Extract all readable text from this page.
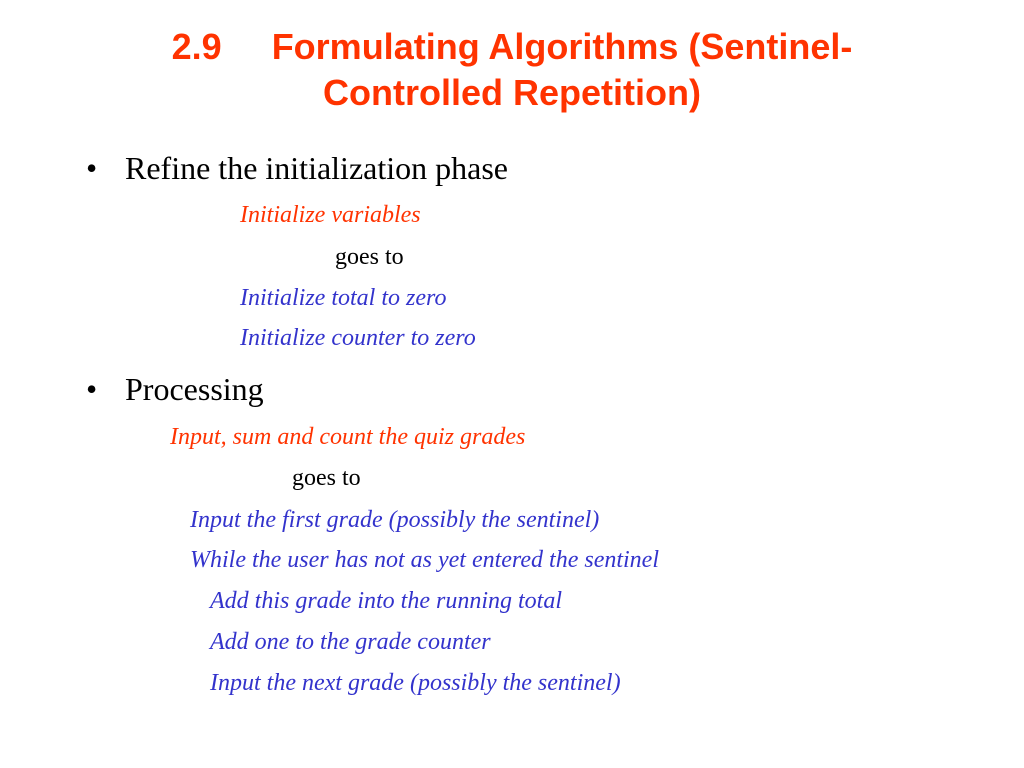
2.9     Formulating Algorithms (Sentinel-
Controlled Repetition)
• Refine the initialization phase
Initialize variables
goes to
Initialize total to zero
Initialize counter to zero
• Processing
Input, sum and count the quiz grades
goes to
Input the first grade (possibly the sentinel)
While the user has not as yet entered the sentinel
Add this grade into the running total
Add one to the grade counter
Input the next grade (possibly the sentinel)
